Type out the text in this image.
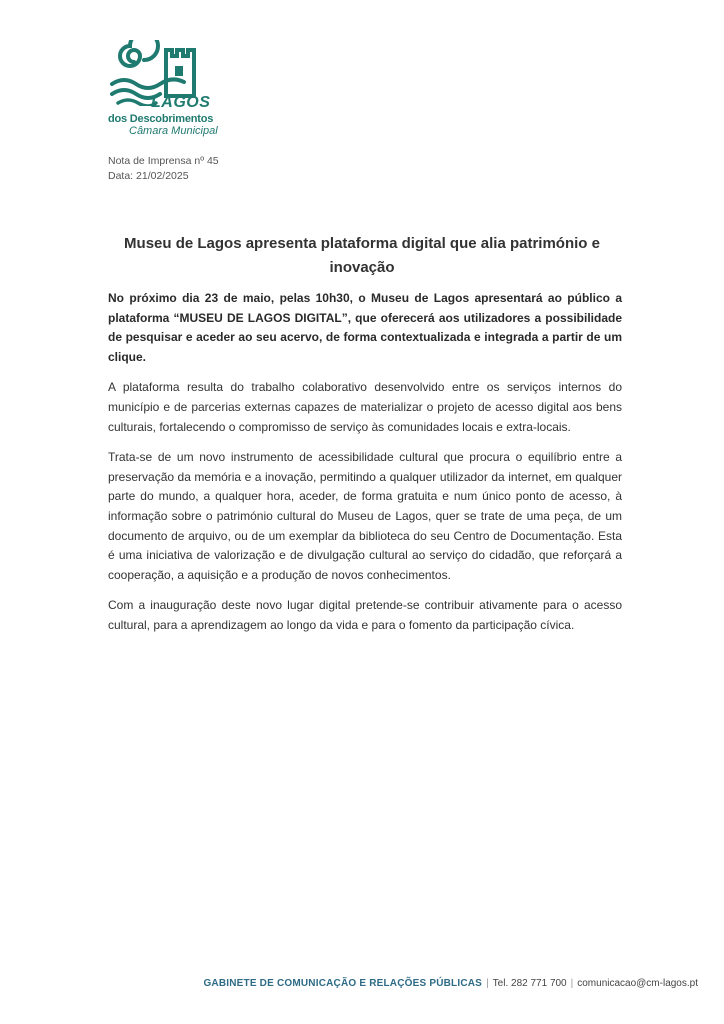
LAGOS
dos Descobrimentos
Câmara Municipal
Nota de Imprensa nº 45
Data: 21/02/2025
Museu de Lagos apresenta plataforma digital que alia património e inovação

No próximo dia 23 de maio, pelas 10h30, o Museu de Lagos apresentará ao público a plataforma “MUSEU DE LAGOS DIGITAL”, que oferecerá aos utilizadores a possibilidade de pesquisar e aceder ao seu acervo, de forma contextualizada e integrada a partir de um clique.

A plataforma resulta do trabalho colaborativo desenvolvido entre os serviços internos do município e de parcerias externas capazes de materializar o projeto de acesso digital aos bens culturais, fortalecendo o compromisso de serviço às comunidades locais e extra-locais.

Trata-se de um novo instrumento de acessibilidade cultural que procura o equilíbrio entre a preservação da memória e a inovação, permitindo a qualquer utilizador da internet, em qualquer parte do mundo, a qualquer hora, aceder, de forma gratuita e num único ponto de acesso, à informação sobre o património cultural do Museu de Lagos, quer se trate de uma peça, de um documento de arquivo, ou de um exemplar da biblioteca do seu Centro de Documentação. Esta é uma iniciativa de valorização e de divulgação cultural ao serviço do cidadão, que reforçará a cooperação, a aquisição e a produção de novos conhecimentos.

Com a inauguração deste novo lugar digital pretende-se contribuir ativamente para o acesso cultural, para a aprendizagem ao longo da vida e para o fomento da participação cívica.

GABINETE DE COMUNICAÇÃO E RELAÇÕES PÚBLICAS | Tel. 282 771 700 | comunicacao@cm-lagos.pt
